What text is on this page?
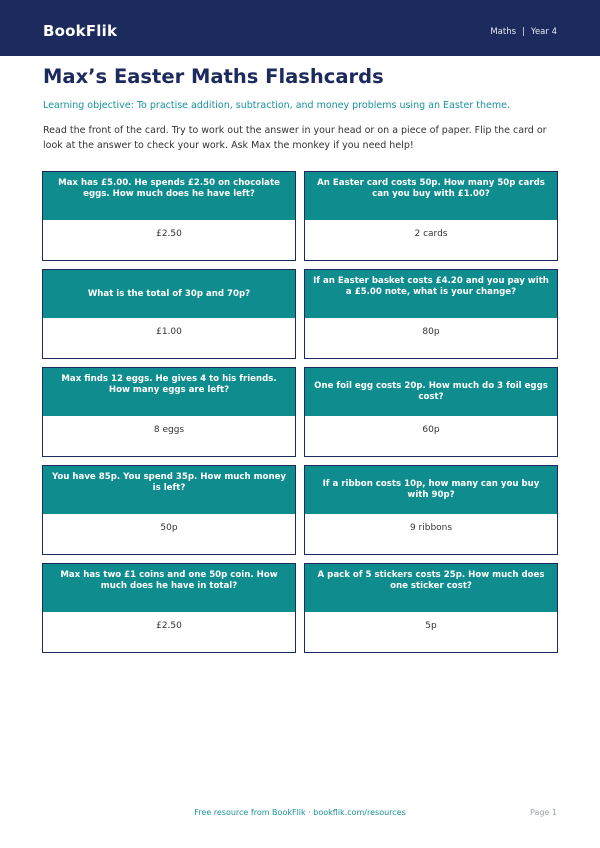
BookFlik	Maths | Year 4
Max’s Easter Maths Flashcards
Learning objective: To practise addition, subtraction, and money problems using an Easter theme.
Read the front of the card. Try to work out the answer in your head or on a piece of paper. Flip the card or look at the answer to check your work. Ask Max the monkey if you need help!
Max has £5.00. He spends £2.50 on chocolate eggs. How much does he have left?
£2.50
An Easter card costs 50p. How many 50p cards can you buy with £1.00?
2 cards
What is the total of 30p and 70p?
£1.00
If an Easter basket costs £4.20 and you pay with a £5.00 note, what is your change?
80p
Max finds 12 eggs. He gives 4 to his friends. How many eggs are left?
8 eggs
One foil egg costs 20p. How much do 3 foil eggs cost?
60p
You have 85p. You spend 35p. How much money is left?
50p
If a ribbon costs 10p, how many can you buy with 90p?
9 ribbons
Max has two £1 coins and one 50p coin. How much does he have in total?
£2.50
A pack of 5 stickers costs 25p. How much does one sticker cost?
5p
Free resource from BookFlik · bookflik.com/resources	Page 1
